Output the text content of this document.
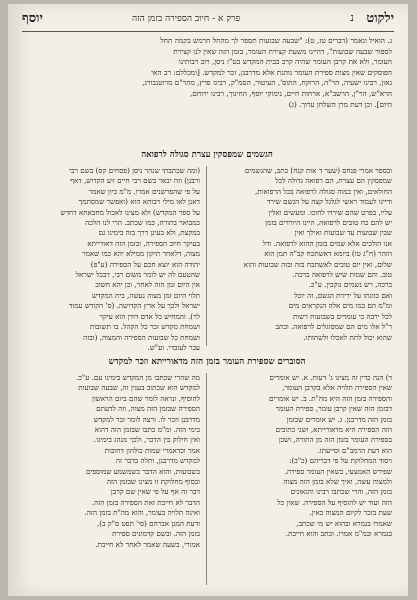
ילקוט
נ
פרק א - חיוב הספירה בזמן הזה
יוסף
ג. הואיל ונאמר (דברים טז, ט): "שבעה שבועות תספר לך מהחל חרמש בקמה תחל
לספור שבעה שבועות", דהיינו משעת קצירת העומר, בזמן הזה שאין לנו קצירת
העומר, ולא את קרבן העומר שהיה קרב בבית המקדש בט"ז ניסן, רוב רבותינו
הפוסקים שאין מצות ספירת העומר נוהגת אלא מדרבנן, זכר למקדש. [ומכללם: רב האי
גאון, רבינו ישעיה, הר"ה, הרוקח, התוס', העיטור, הסמ"ק, רבינו פרץ, מהר"ם מרוטנבורג,
הרא"ש, הר"ן, הרשב"א, ארחות חיים, נימוקי יוסף, החינוך, רבינו ירוחם,
היום]. וכן דעת מרן השלחן ערוך. (ג)
הגשמים שמפסקין עצרת סגולה לרפואה
ובספר אמרי פנחס (שער ד אות קנח) כתב, שהגשמים
שמפסקין הם עצרת, הם רפואה גדולה לכל
החולאים, ואין כמוה סגולה לרפואה בכל הרפואות,
ודיינו לעמוד ראשי לגלגל קצה על הגשם שירד
עליו, בפרט שהם שירדו לחוכו. ומעשים ואלין
יש להם כח טובים לרפואה, היינו היורדים בזמן
שבין שבועות עד שבועות ואילך ואין
אנו הולכים אלא שמים בזמן ההוא לרפואה. ודל
הזהר (ח"ג טו) ביומא דאשתכח קב"ה תמן הוא
שלום, ואין יום טובים לאשתכח בזה ובזה שבועות והוא
טוב. והם שמות שיש לרפואה ברכה.
ברכה, רש נשמים נוקבין. ע"כ.
ואם כוונתו על ירידת הגשם, זה יוכל
ומ"מ הם כמו מים אלה הנקראים מים
לכל ירבה כי עומדים בשבועות רשות
ר"ל אלו מים הם שמסוגלים לרפואה. וכתב
שהוא יכול לתת לאכלו ולשתותו.
(ומה שכתבתי שנהר ניסן (פסחים קס) בשם רבי
ורבנן) וזה יבאר בשם רבי חיים זיע הקדוש, דאף
על פי שהפרשנים אמרו, מ"מ כיון שאמר
דאנן לאו מילי רבותא הוא (ואפשר שמסתמך
על ספר המקדש) ולא מצינו לאכול מחבאתא דחדש
כמבואר בתורה, כמו שכתב. הרי לנו הלכה
במקצת, ולא בעינן דרך בזה בימינו גם
בעיקר חיוב הספירה, ובזמן הזה דאורייתא
מצוה, דלאחר תיקון ממילא יהא כמו שאמר
יהודה הוא יוצא חכם על הספירה (ע"פ)
שהטעם לה יש לומר משום רבי, דבכל ישראל
אין היום זמן הזה לאחר, וכן יהא חשוב
תלוי היום זמן מצוה נעשה, בית המקדש
ישראל ולכך על ארץ הקדושה. (ס' הקודש עמוד
לר). והמחיש כל אדם דודן הוא עיקר
ושמחת מקדש זכר כל הקהל. בו תשובות
ושמחת כל שבועות הספירה והמצוה, (ובזה
עבר לעובדי. וע"ש.
הסוברים שספירת העומר בזמן הזה מדאורייתא וזכר למקדש
ד) הנה כדין זה מצינו ג' דעות. א. יש אומרים
שאין הספירה תלויה אלא בקרבן העומר,
והספירה בזמן הזה היא מה"ת. ב. יש אומרים
דבזמן הזה שאין קרבן עומר, ספירת העומר
בזמן הזה מדרבנן. ג. יש אומרים שבזמן
הזה הספירה היא מדאורייתא, ושני כתובים
בספירת העומר בזמן הזה מן התורה, ושכן
הוא דעת הרמב"ם וסייעתו.
ויסוד המחלוקת על פי דבריהם (כ"ב):
שפירש האמצעי, כשאין העומר ספירה.
ולמצוה עשה, ואיך שלא בזמן הזה מצוה
בזמן הזה, והרי שכתבו רבינו והגאונים
הזה ועוד יש להוסיף על הספירה. שאין כל
שעת בזכר לקיום המצוה באין.
שאמרו בגמרא ובהוא יש מי שכתב,
בגמרא ובמ"מ אמרו. וכתב והוא חייבת.
מה שהרי שכתבו מן המקדש בימינו עם. ע"כ.
למקדש הוא שכתוב בענין זה, שבעה שבועות
להוסיף, ונראה לומר שהם ביום הראשון
הספירה שבזמן הזה מצוה, וזה לדעתם
מדרבנן וזכר לו. ורצה לומר זכר למקדש
בימי הזה. ומ"מ כתבו שבזמן הזה דהוא
ואין חילוק בין הדבר, ולכך מנהג בימינו.
אמר וכדאמרי שמות כולהון דחובות
למקדש מדרבנן, ותלה בדבר זה
בשבועות, והוא הדבר כשמשמע שמוספים
ובסוף מחלוקת זו מצינו שבזמן הזה
דבר זה אף על פי שאין שם קרבן
הדבר לא חייבת זאת הספירה בזמן הזה.
ואינה תלויה בעומר, והוא מה"ת בזמן הזה.
ודעת המגן אברהם (סי' תפט ס"ק ב),
בזמן הזה. ובשם קדמונים ספירת
אמורי, בשעה שאמר לאחר לא חייבת.
